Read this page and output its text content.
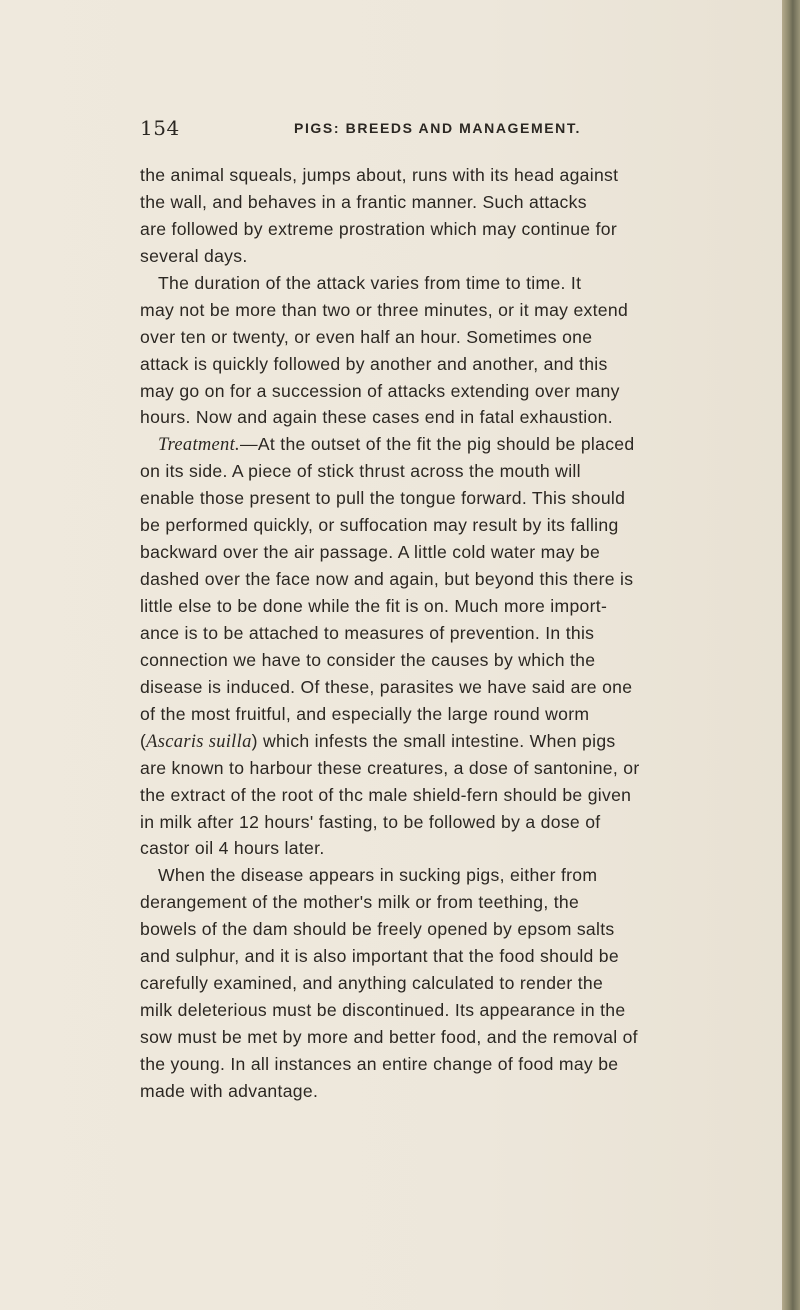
154	PIGS: BREEDS AND MANAGEMENT.
the animal squeals, jumps about, runs with its head against
the wall, and behaves in a frantic manner. Such attacks
are followed by extreme prostration which may continue for
several days.
The duration of the attack varies from time to time. It
may not be more than two or three minutes, or it may extend
over ten or twenty, or even half an hour. Sometimes one
attack is quickly followed by another and another, and this
may go on for a succession of attacks extending over many
hours. Now and again these cases end in fatal exhaustion.
Treatment.—At the outset of the fit the pig should be placed
on its side. A piece of stick thrust across the mouth will
enable those present to pull the tongue forward. This should
be performed quickly, or suffocation may result by its falling
backward over the air passage. A little cold water may be
dashed over the face now and again, but beyond this there is
little else to be done while the fit is on. Much more import-
ance is to be attached to measures of prevention. In this
connection we have to consider the causes by which the
disease is induced. Of these, parasites we have said are one
of the most fruitful, and especially the large round worm
(Ascaris suilla) which infests the small intestine. When pigs
are known to harbour these creatures, a dose of santonine, or
the extract of the root of thc male shield-fern should be given
in milk after 12 hours' fasting, to be followed by a dose of
castor oil 4 hours later.
When the disease appears in sucking pigs, either from
derangement of the mother's milk or from teething, the
bowels of the dam should be freely opened by epsom salts
and sulphur, and it is also important that the food should be
carefully examined, and anything calculated to render the
milk deleterious must be discontinued. Its appearance in the
sow must be met by more and better food, and the removal of
the young. In all instances an entire change of food may be
made with advantage.
